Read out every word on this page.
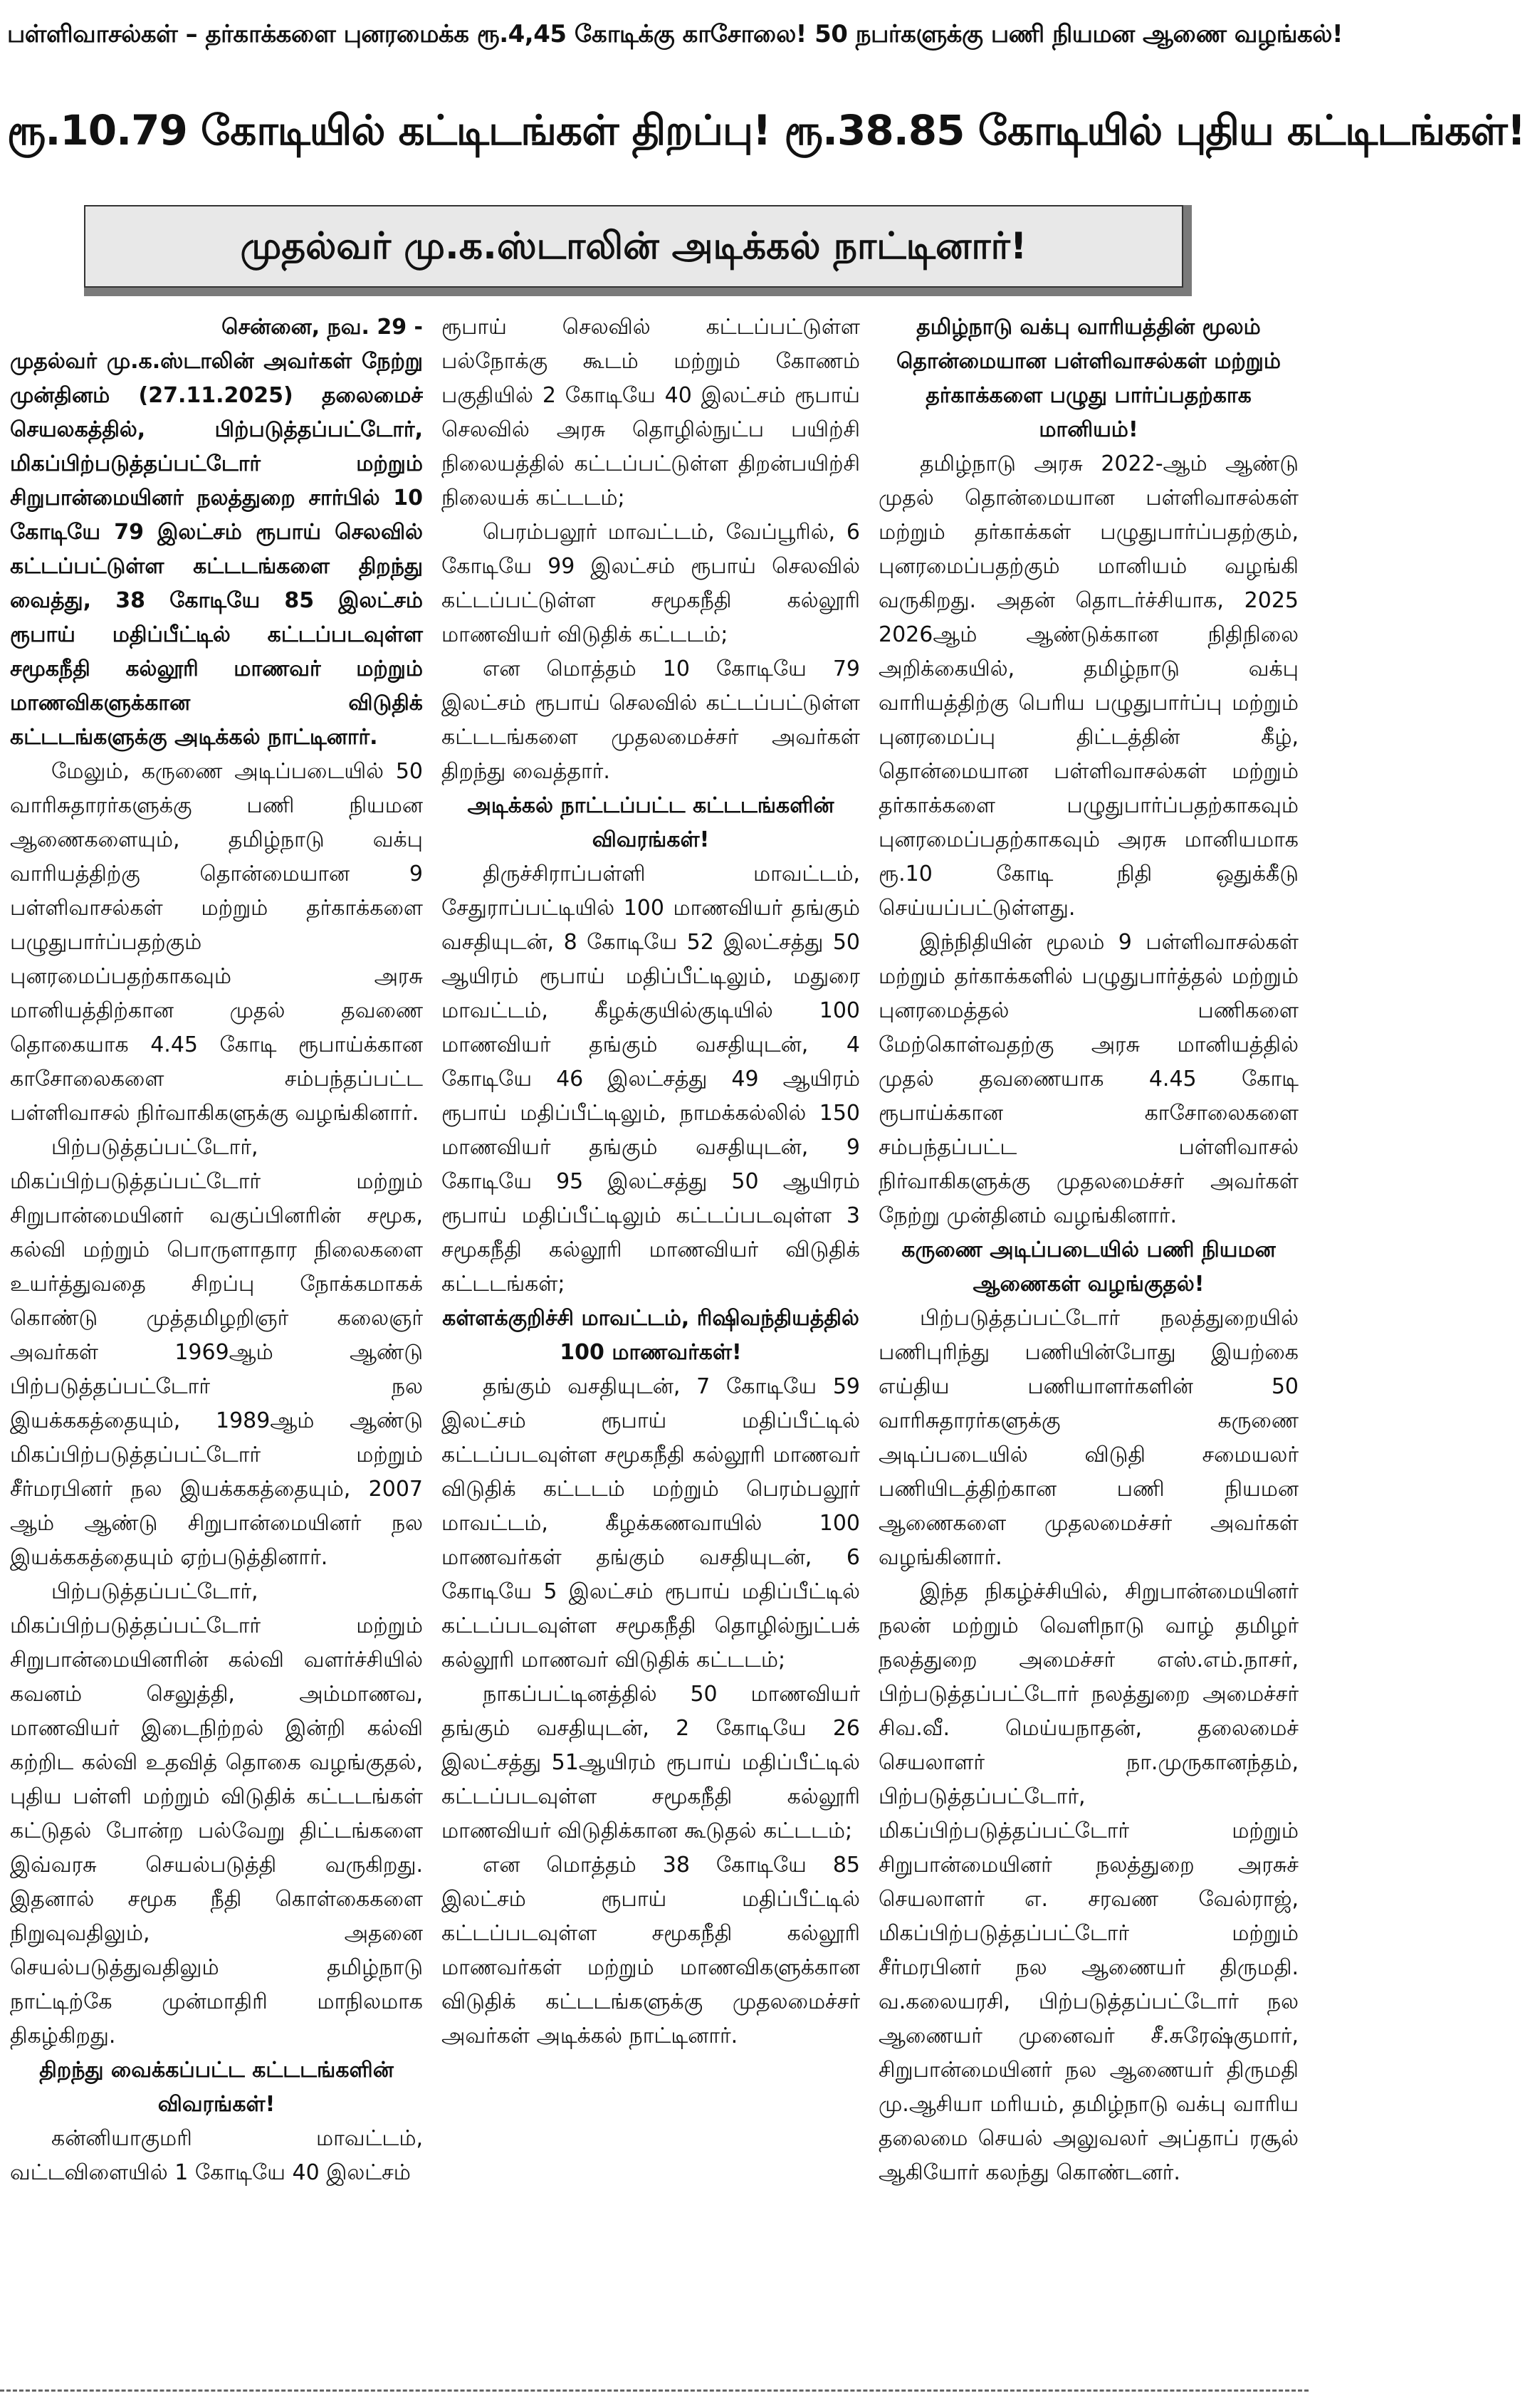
பள்ளிவாசல்கள் – தர்காக்களை புனரமைக்க ரூ.4,45 கோடிக்கு காசோலை! 50 நபர்களுக்கு பணி நியமன ஆணை வழங்கல்!
ரூ.10.79 கோடியில் கட்டிடங்கள் திறப்பு! ரூ.38.85 கோடியில் புதிய கட்டிடங்கள்!
முதல்வர் மு.க.ஸ்டாலின் அடிக்கல் நாட்டினார்!

சென்னை, நவ. 29 -

முதல்வர் மு.க.ஸ்டாலின் அவர்கள் நேற்று முன்தினம் (27.11.2025) தலைமைச் செயலகத்தில், பிற்படுத்தப்பட்டோர், மிகப்பிற்படுத்தப்பட்டோர் மற்றும் சிறுபான்மையினர் நலத்துறை சார்பில் 10 கோடியே 79 இலட்சம் ரூபாய் செலவில் கட்டப்பட்டுள்ள கட்டடங்களை திறந்து வைத்து, 38 கோடியே 85 இலட்சம் ரூபாய் மதிப்பீட்டில் கட்டப்படவுள்ள சமூகநீதி கல்லூரி மாணவர் மற்றும் மாணவிகளுக்கான விடுதிக் கட்டடங்களுக்கு அடிக்கல் நாட்டினார்.

மேலும், கருணை அடிப்படையில் 50 வாரிசுதாரர்களுக்கு பணி நியமன ஆணைகளையும், தமிழ்நாடு வக்பு வாரியத்திற்கு தொன்மையான 9 பள்ளிவாசல்கள் மற்றும் தர்காக்களை பழுதுபார்ப்பதற்கும் புனரமைப்பதற்காகவும் அரசு மானியத்திற்கான முதல் தவணை தொகையாக 4.45 கோடி ரூபாய்க்கான காசோலைகளை சம்பந்தப்பட்ட பள்ளிவாசல் நிர்வாகிகளுக்கு வழங்கினார்.

பிற்படுத்தப்பட்டோர், மிகப்பிற்படுத்தப்பட்டோர் மற்றும் சிறுபான்மையினர் வகுப்பினரின் சமூக, கல்வி மற்றும் பொருளாதார நிலைகளை உயர்த்துவதை சிறப்பு நோக்கமாகக் கொண்டு முத்தமிழறிஞர் கலைஞர் அவர்கள் 1969ஆம் ஆண்டு பிற்படுத்தப்பட்டோர் நல இயக்ககத்தையும், 1989ஆம் ஆண்டு மிகப்பிற்படுத்தப்பட்டோர் மற்றும் சீர்மரபினர் நல இயக்ககத்தையும், 2007 ஆம் ஆண்டு சிறுபான்மையினர் நல இயக்ககத்தையும் ஏற்படுத்தினார்.

பிற்படுத்தப்பட்டோர், மிகப்பிற்படுத்தப்பட்டோர் மற்றும் சிறுபான்மையினரின் கல்வி வளர்ச்சியில் கவனம் செலுத்தி, அம்மாணவ, மாணவியர் இடைநிற்றல் இன்றி கல்வி கற்றிட கல்வி உதவித் தொகை வழங்குதல், புதிய பள்ளி மற்றும் விடுதிக் கட்டடங்கள் கட்டுதல் போன்ற பல்வேறு திட்டங்களை இவ்வரசு செயல்படுத்தி வருகிறது. இதனால் சமூக நீதி கொள்கைகளை நிறுவுவதிலும், அதனை செயல்படுத்துவதிலும் தமிழ்நாடு நாட்டிற்கே முன்மாதிரி மாநிலமாக திகழ்கிறது.

திறந்து வைக்கப்பட்ட கட்டடங்களின் விவரங்கள்!

கன்னியாகுமரி மாவட்டம், வட்டவிளையில் 1 கோடியே 40 இலட்சம்

ரூபாய் செலவில் கட்டப்பட்டுள்ள பல்நோக்கு கூடம் மற்றும் கோணம் பகுதியில் 2 கோடியே 40 இலட்சம் ரூபாய் செலவில் அரசு தொழில்நுட்ப பயிற்சி நிலையத்தில் கட்டப்பட்டுள்ள திறன்பயிற்சி நிலையக் கட்டடம்;

பெரம்பலூர் மாவட்டம், வேப்பூரில், 6 கோடியே 99 இலட்சம் ரூபாய் செலவில் கட்டப்பட்டுள்ள சமூகநீதி கல்லூரி மாணவியர் விடுதிக் கட்டடம்;

என மொத்தம் 10 கோடியே 79 இலட்சம் ரூபாய் செலவில் கட்டப்பட்டுள்ள கட்டடங்களை முதலமைச்சர் அவர்கள் திறந்து வைத்தார்.

அடிக்கல் நாட்டப்பட்ட கட்டடங்களின் விவரங்கள்!

திருச்சிராப்பள்ளி மாவட்டம், சேதுராப்பட்டியில் 100 மாணவியர் தங்கும் வசதியுடன், 8 கோடியே 52 இலட்சத்து 50 ஆயிரம் ரூபாய் மதிப்பீட்டிலும், மதுரை மாவட்டம், கீழக்குயில்குடியில் 100 மாணவியர் தங்கும் வசதியுடன், 4 கோடியே 46 இலட்சத்து 49 ஆயிரம் ரூபாய் மதிப்பீட்டிலும், நாமக்கல்லில் 150 மாணவியர் தங்கும் வசதியுடன், 9 கோடியே 95 இலட்சத்து 50 ஆயிரம் ரூபாய் மதிப்பீட்டிலும் கட்டப்படவுள்ள 3 சமூகநீதி கல்லூரி மாணவியர் விடுதிக் கட்டடங்கள்;

கள்ளக்குறிச்சி மாவட்டம், ரிஷிவந்தியத்தில் 100 மாணவர்கள்!

தங்கும் வசதியுடன், 7 கோடியே 59 இலட்சம் ரூபாய் மதிப்பீட்டில் கட்டப்படவுள்ள சமூகநீதி கல்லூரி மாணவர் விடுதிக் கட்டடம் மற்றும் பெரம்பலூர் மாவட்டம், கீழக்கணவாயில் 100 மாணவர்கள் தங்கும் வசதியுடன், 6 கோடியே 5 இலட்சம் ரூபாய் மதிப்பீட்டில் கட்டப்படவுள்ள சமூகநீதி தொழில்நுட்பக் கல்லூரி மாணவர் விடுதிக் கட்டடம்;

நாகப்பட்டினத்தில் 50 மாணவியர் தங்கும் வசதியுடன், 2 கோடியே 26 இலட்சத்து 51ஆயிரம் ரூபாய் மதிப்பீட்டில் கட்டப்படவுள்ள சமூகநீதி கல்லூரி மாணவியர் விடுதிக்கான கூடுதல் கட்டடம்;

என மொத்தம் 38 கோடியே 85 இலட்சம் ரூபாய் மதிப்பீட்டில் கட்டப்படவுள்ள சமூகநீதி கல்லூரி மாணவர்கள் மற்றும் மாணவிகளுக்கான விடுதிக் கட்டடங்களுக்கு முதலமைச்சர் அவர்கள் அடிக்கல் நாட்டினார்.

தமிழ்நாடு வக்பு வாரியத்தின் மூலம் தொன்மையான பள்ளிவாசல்கள் மற்றும் தர்காக்களை பழுது பார்ப்பதற்காக மானியம்!

தமிழ்நாடு அரசு 2022-ஆம் ஆண்டு முதல் தொன்மையான பள்ளிவாசல்கள் மற்றும் தர்காக்கள் பழுதுபார்ப்பதற்கும், புனரமைப்பதற்கும் மானியம் வழங்கி வருகிறது. அதன் தொடர்ச்சியாக, 2025 2026ஆம் ஆண்டுக்கான நிதிநிலை அறிக்கையில், தமிழ்நாடு வக்பு வாரியத்திற்கு பெரிய பழுதுபார்ப்பு மற்றும் புனரமைப்பு திட்டத்தின் கீழ், தொன்மையான பள்ளிவாசல்கள் மற்றும் தர்காக்களை பழுதுபார்ப்பதற்காகவும் புனரமைப்பதற்காகவும் அரசு மானியமாக ரூ.10 கோடி நிதி ஒதுக்கீடு செய்யப்பட்டுள்ளது.

இந்நிதியின் மூலம் 9 பள்ளிவாசல்கள் மற்றும் தர்காக்களில் பழுதுபார்த்தல் மற்றும் புனரமைத்தல் பணிகளை மேற்கொள்வதற்கு அரசு மானியத்தில் முதல் தவணையாக 4.45 கோடி ரூபாய்க்கான காசோலைகளை சம்பந்தப்பட்ட பள்ளிவாசல் நிர்வாகிகளுக்கு முதலமைச்சர் அவர்கள் நேற்று முன்தினம் வழங்கினார்.

கருணை அடிப்படையில் பணி நியமன ஆணைகள் வழங்குதல்!

பிற்படுத்தப்பட்டோர் நலத்துறையில் பணிபுரிந்து பணியின்போது இயற்கை எய்திய பணியாளர்களின் 50 வாரிசுதாரர்களுக்கு கருணை அடிப்படையில் விடுதி சமையலர் பணியிடத்திற்கான பணி நியமன ஆணைகளை முதலமைச்சர் அவர்கள் வழங்கினார்.

இந்த நிகழ்ச்சியில், சிறுபான்மையினர் நலன் மற்றும் வெளிநாடு வாழ் தமிழர் நலத்துறை அமைச்சர் எஸ்.எம்.நாசர், பிற்படுத்தப்பட்டோர் நலத்துறை அமைச்சர் சிவ.வீ. மெய்யநாதன், தலைமைச் செயலாளர் நா.முருகானந்தம், பிற்படுத்தப்பட்டோர், மிகப்பிற்படுத்தப்பட்டோர் மற்றும் சிறுபான்மையினர் நலத்துறை அரசுச் செயலாளர் எ. சரவண வேல்ராஜ், மிகப்பிற்படுத்தப்பட்டோர் மற்றும் சீர்மரபினர் நல ஆணையர் திருமதி. வ.கலையரசி, பிற்படுத்தப்பட்டோர் நல ஆணையர் முனைவர் சீ.சுரேஷ்குமார், சிறுபான்மையினர் நல ஆணையர் திருமதி மு.ஆசியா மரியம், தமிழ்நாடு வக்பு வாரிய தலைமை செயல் அலுவலர் அப்தாப் ரசூல் ஆகியோர் கலந்து கொண்டனர்.
